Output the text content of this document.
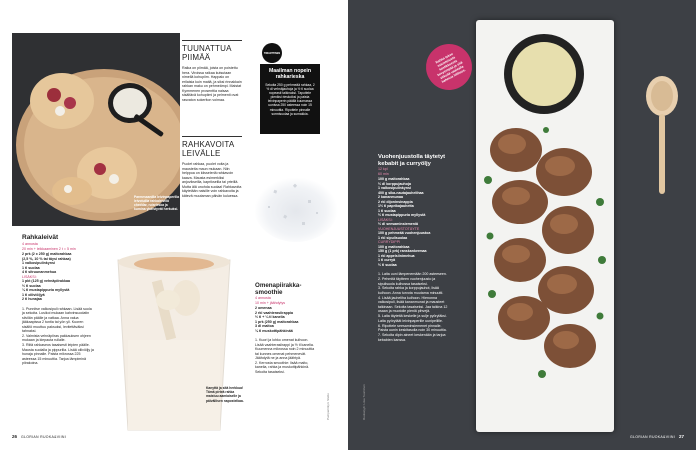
Parmesaanilla leivinpaperilla leivotuilla rahkaleivillä cheddar, ruisrieska ja kumina yhdistyvät herkuksi.
TUUNATTUA PIIMÄÄ
Raika on piimää, joista on poistettu hera. Viroissa raikaa kutsutaan nimellä kohupiim. Happalo on erilaisia kuin maitä, ja siksi rinnakkain rahkan maku on pehmeämpi. Maistat Kymmenen prosenttia naisaa sisältävä kohupiimi ja pelmenti ovat rasvaton sokeriton voimaa.
RAHKAVOITA LEIVÄLLE
Puolet rahkaa, puolet voita ja mausteita maun mukaan. Niin helppoa on kiisseleriä rahkavoin kaava. Mausta esimerkiksi anjovikseilla, kaprikseilla tai yrteillä. Mutta älä unohda suolaa! Rahkavoita käytetään naisille voin rahkavoita ja kätevä muutaman päivän kuluessa.
TIMANTTINEN
Maailman nopein rahkarieska
Sekoita 250 g pehmeää rahkaa, 2 ½ dl vehnäjauhoja ja ½ tl suolaa nopeasti taikinaksi. Taputtele pieniksi rieskoiksi ja paista leivinpaperin päällä kuumassa uunissa 250 asteessa noin 15 minuuttia. Ripottele pinnalle sormisuolaa ja sumakkia.
Rahkaleivät
4 annosta
20 min + leikkaaminen 2 t = 5 min
2 prk (2 x 250 g) maitorahkaa
(2,5 %, 10 % tai täysi rahkaa)
1 valkosipulinkynsi
1 tl suolaa
4 tl sitruunanmehua
LISÄKSI:
1 pkt (125 g) vehnäpiirakkaa
½ tl suolaa
¼ tl mustapippuria myllystä
1 tl oliiviöljyä
2 tl hunajaa
1. Punnitse valkosipuli rahkaan. Lisää suola ja sekoita. Lusikoi mukaan kahvinsuodatin siivilän päälle ja vatkaa. Anna valua jääkaapissa 2 tuntia tai yön yli. Kuoren sisältö muuttuu paksuksi, levitettäväksi tahnaksi.
2. Valmista vehnäpiiras pakkauksen ohjeen mukaan ja kiepauta rullalle.
3. Riitä rahkaseos tasaisesti leipien päälle. Mausta suolalla ja pippurilla. Lisää oliiviöljy ja hunaja pinnalle. Paista mikrossa 225 asteessa 15 minuuttia. Tarjoa lämpiminä piirakoina.
Kanyttä ja sitä herkkua! Tämä pirteä rahka maistuu aamiaiselle ja päivällisen napostelkaa.
Omenapiirakka-smoothie
4 annosta
10 min + jäähdytys
2 omenaa
2 rkl vaahterasiirappia
½ tl + ¼ tl kanelia
1 prk (250 g) maitorahkaa
3 dl maitoa
¼ tl muskottipähkinää
1. Kuori ja lohko omenat kulhoon. Lisää vaahterasiirappi ja ½ tl kanelia. Kuumenna mikrossa noin 2 minuuttia tai kunnes omenat pehmenevät. Jäähdytä ne ja anna jäähtyä.
2. Kerrosta smoothie: lisää maito, kanelia, rahka ja muskottipähkinä. Sekoita tasaiseksi.
Pumpemtkyn: Stelto
26 GLORIAN RUOKA&VIINI
Rahka tekee maustetusta kastikkeesta kevyempää ja sitä sitkeää vaalealla hahmoa hillitsee.
Vuohenjuustolla täytetyt kebabit ja curryöljy
12 kpl
60 min
100 g maitorahkaa
½ dl korppujauhoja
1 valkosipulinkynsi
400 g sika-nautajauhelihaa
2 kananmunaa
2 rkl dijoninsinappia
1½ tl paprikajauhetta
1 tl suolaa
½ tl mustapippuria myllystä
LISÄKSI:
½ dl seesaminsiemeniä
VUOHENJUUSTOTÄYTE
100 g pehmeää vuohenjuustoa
1 rkl sipulisuolaa
CURRYDIPPI
100 g maitorahkaa
150 g (1 prk) ranskankermaa
1 rkl appelsiinimehua
1 tl curryä
½ tl suolaa
1. Laita uuni lämpenemään 200 asteeseen.
2. Pehmitä täytteen vuohenjuusto ja sipulisuola kulhossa tasaiseksi.
3. Sekoita rahka ja korppujauhot, lisää kulhoon. Anna turvota muutama minuutti.
4. Lisää jauheliha kulhoon. Hienonna valkosipuli, lisää kananmunat ja mausteet taikinaan. Sekoita tasaiseksi. Jaa taikina 12 osaan ja muotoile pieniä pihvejä.
5. Laita täytettä keskelle ja sulje pyöryläksi. Laita pyöryläät leivinpaperille uunipellille.
6. Ripottele seesaminsiemenet pinnalle. Paista uunin keskitasolla noin 30 minuuttia.
7. Sekoita dipin aineet keskenään ja tarjoa kebabien kanssa.
Ruokatyyli: Liisa Tuominen
GLORIAN RUOKA&VIINI 27
